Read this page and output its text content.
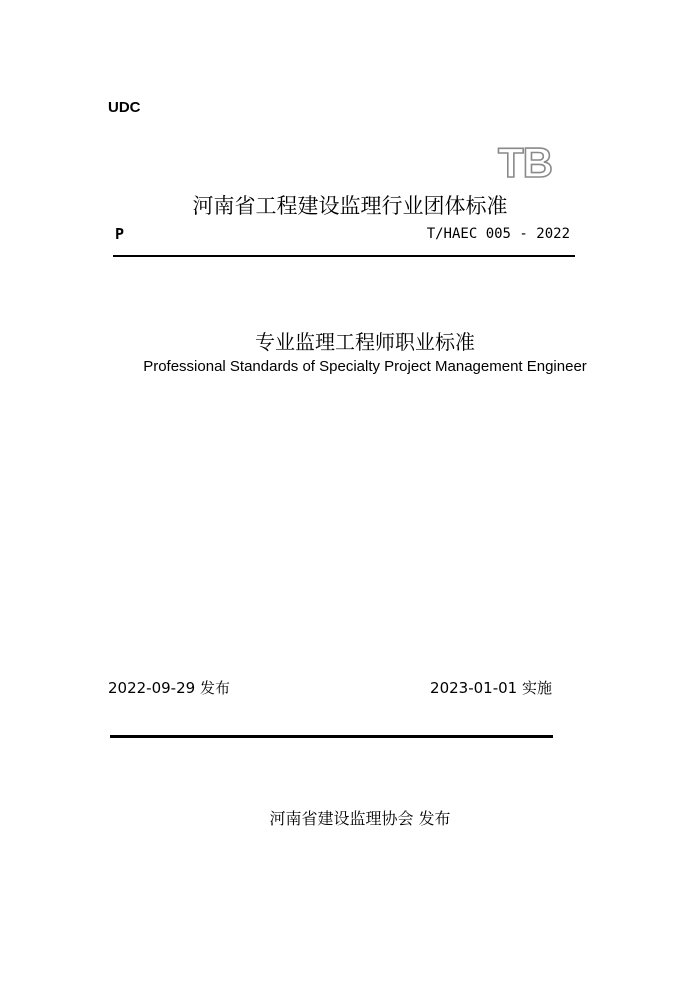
UDC
TB
河南省工程建设监理行业团体标准
P	T/HAEC 005 - 2022
专业监理工程师职业标准
Professional Standards of Specialty Project Management Engineer
2022-09-29 发布	2023-01-01 实施
河南省建设监理协会 发布
